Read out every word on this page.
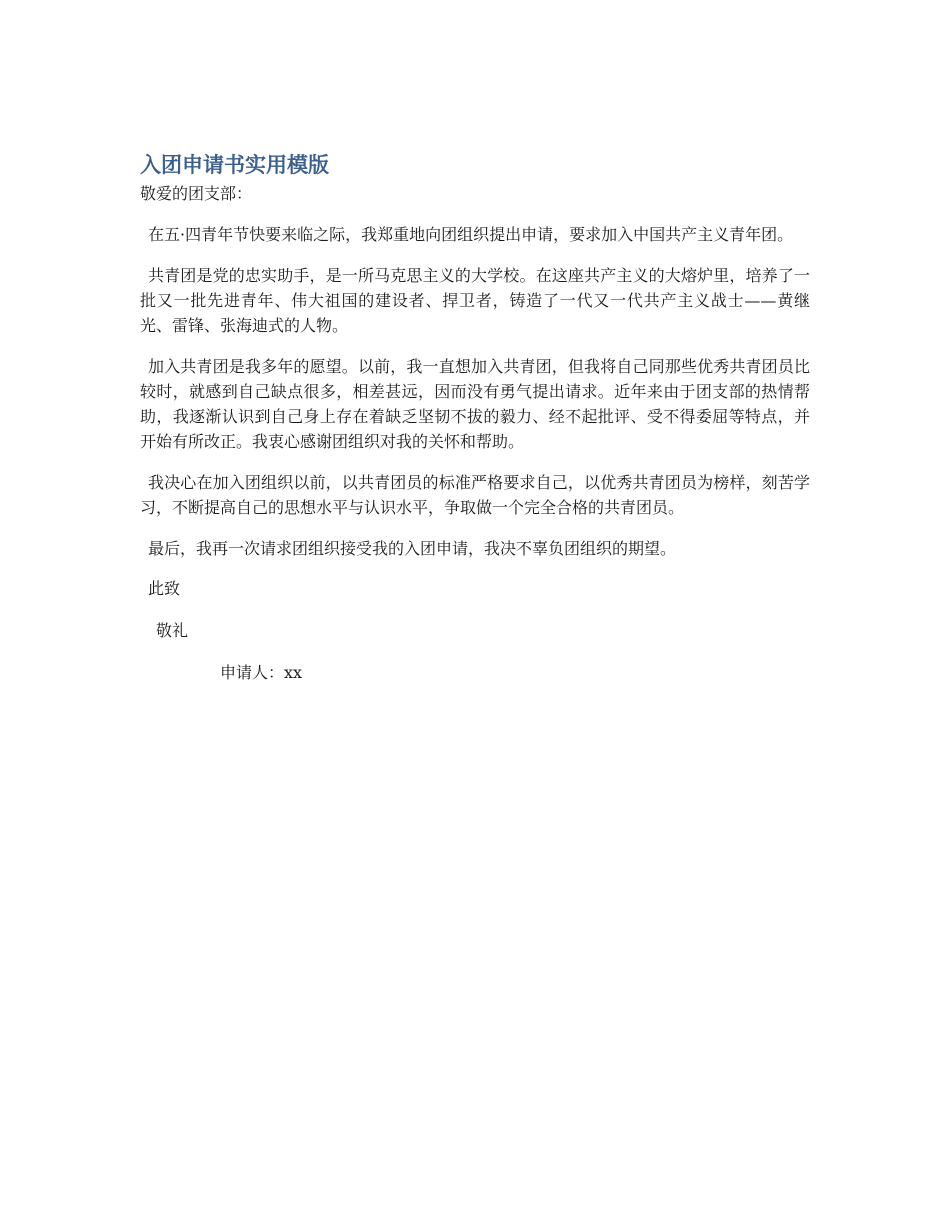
入团申请书实用模版

敬爱的团支部：

在五·四青年节快要来临之际，我郑重地向团组织提出申请，要求加入中国共产主义青年团。

共青团是党的忠实助手，是一所马克思主义的大学校。在这座共产主义的大熔炉里，培养了一批又一批先进青年、伟大祖国的建设者、捍卫者，铸造了一代又一代共产主义战士——黄继光、雷锋、张海迪式的人物。

加入共青团是我多年的愿望。以前，我一直想加入共青团，但我将自己同那些优秀共青团员比较时，就感到自己缺点很多，相差甚远，因而没有勇气提出请求。近年来由于团支部的热情帮助，我逐渐认识到自己身上存在着缺乏坚韧不拔的毅力、经不起批评、受不得委屈等特点，并开始有所改正。我衷心感谢团组织对我的关怀和帮助。

我决心在加入团组织以前，以共青团员的标准严格要求自己，以优秀共青团员为榜样，刻苦学习，不断提高自己的思想水平与认识水平，争取做一个完全合格的共青团员。

最后，我再一次请求团组织接受我的入团申请，我决不辜负团组织的期望。

此致

敬礼

申请人：xx
